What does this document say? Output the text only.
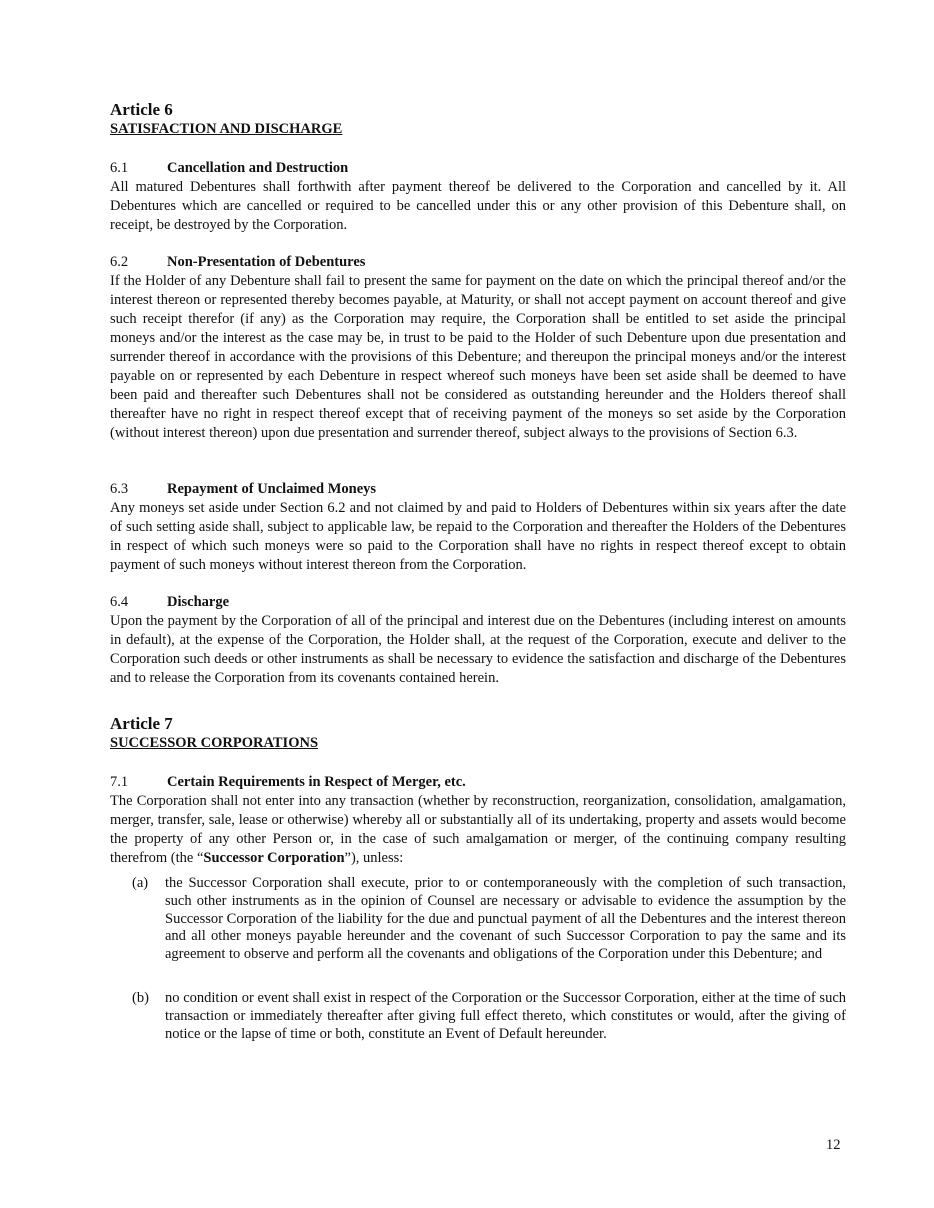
Article 6
SATISFACTION AND DISCHARGE
6.1	Cancellation and Destruction
All matured Debentures shall forthwith after payment thereof be delivered to the Corporation and cancelled by it. All Debentures which are cancelled or required to be cancelled under this or any other provision of this Debenture shall, on receipt, be destroyed by the Corporation.
6.2	Non-Presentation of Debentures
If the Holder of any Debenture shall fail to present the same for payment on the date on which the principal thereof and/or the interest thereon or represented thereby becomes payable, at Maturity, or shall not accept payment on account thereof and give such receipt therefor (if any) as the Corporation may require, the Corporation shall be entitled to set aside the principal moneys and/or the interest as the case may be, in trust to be paid to the Holder of such Debenture upon due presentation and surrender thereof in accordance with the provisions of this Debenture; and thereupon the principal moneys and/or the interest payable on or represented by each Debenture in respect whereof such moneys have been set aside shall be deemed to have been paid and thereafter such Debentures shall not be considered as outstanding hereunder and the Holders thereof shall thereafter have no right in respect thereof except that of receiving payment of the moneys so set aside by the Corporation (without interest thereon) upon due presentation and surrender thereof, subject always to the provisions of Section 6.3.
6.3	Repayment of Unclaimed Moneys
Any moneys set aside under Section 6.2 and not claimed by and paid to Holders of Debentures within six years after the date of such setting aside shall, subject to applicable law, be repaid to the Corporation and thereafter the Holders of the Debentures in respect of which such moneys were so paid to the Corporation shall have no rights in respect thereof except to obtain payment of such moneys without interest thereon from the Corporation.
6.4	Discharge
Upon the payment by the Corporation of all of the principal and interest due on the Debentures (including interest on amounts in default), at the expense of the Corporation, the Holder shall, at the request of the Corporation, execute and deliver to the Corporation such deeds or other instruments as shall be necessary to evidence the satisfaction and discharge of the Debentures and to release the Corporation from its covenants contained herein.
Article 7
SUCCESSOR CORPORATIONS
7.1	Certain Requirements in Respect of Merger, etc.
The Corporation shall not enter into any transaction (whether by reconstruction, reorganization, consolidation, amalgamation, merger, transfer, sale, lease or otherwise) whereby all or substantially all of its undertaking, property and assets would become the property of any other Person or, in the case of such amalgamation or merger, of the continuing company resulting therefrom (the “Successor Corporation”), unless:
(a) the Successor Corporation shall execute, prior to or contemporaneously with the completion of such transaction, such other instruments as in the opinion of Counsel are necessary or advisable to evidence the assumption by the Successor Corporation of the liability for the due and punctual payment of all the Debentures and the interest thereon and all other moneys payable hereunder and the covenant of such Successor Corporation to pay the same and its agreement to observe and perform all the covenants and obligations of the Corporation under this Debenture; and
(b) no condition or event shall exist in respect of the Corporation or the Successor Corporation, either at the time of such transaction or immediately thereafter after giving full effect thereto, which constitutes or would, after the giving of notice or the lapse of time or both, constitute an Event of Default hereunder.
12
